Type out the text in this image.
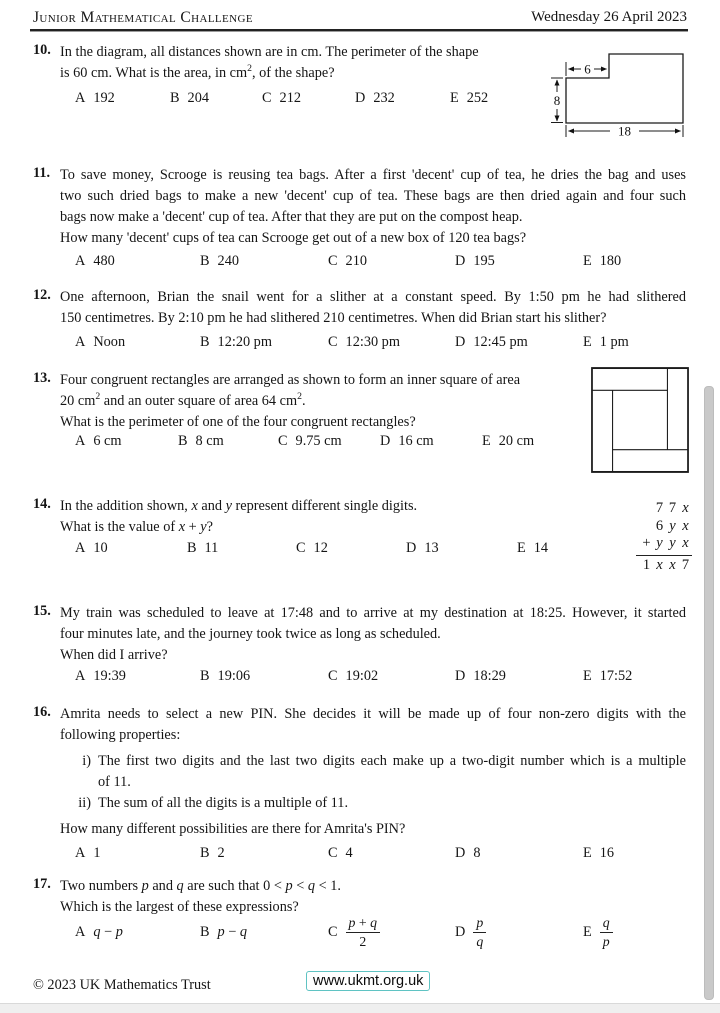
Junior Mathematical Challenge	Wednesday 26 April 2023
10. In the diagram, all distances shown are in cm. The perimeter of the shape
is 60 cm. What is the area, in $cm^2$, of the shape?
A 192	B 204	C 212	D 232	E 252
6
8
18
11. To save money, Scrooge is reusing tea bags. After a first 'decent' cup of tea, he dries the bag and uses
two such dried bags to make a new 'decent' cup of tea. These bags are then dried again and four such
bags now make a 'decent' cup of tea. After that they are put on the compost heap.
How many 'decent' cups of tea can Scrooge get out of a new box of 120 tea bags?
A 480	B 240	C 210	D 195	E 180
12. One afternoon, Brian the snail went for a slither at a constant speed. By 1:50 pm he had slithered
150 centimetres. By 2:10 pm he had slithered 210 centimetres. When did Brian start his slither?
A Noon	B 12:20 pm	C 12:30 pm	D 12:45 pm	E 1 pm
13. Four congruent rectangles are arranged as shown to form an inner square of area
20 $cm^2$ and an outer square of area 64 $cm^2$.
What is the perimeter of one of the four congruent rectangles?
A 6 cm	B 8 cm	C 9.75 cm	D 16 cm	E 20 cm
14. In the addition shown, x and y represent different single digits.
What is the value of x + y?
A 10	B 11	C 12	D 13	E 14
7 7 x
6 y x
+ y y x
1 x x 7
15. My train was scheduled to leave at 17:48 and to arrive at my destination at 18:25. However, it started
four minutes late, and the journey took twice as long as scheduled.
When did I arrive?
A 19:39	B 19:06	C 19:02	D 18:29	E 17:52
16. Amrita needs to select a new PIN. She decides it will be made up of four non-zero digits with the
following properties:
i) The first two digits and the last two digits each make up a two-digit number which is a multiple
of 11.
ii) The sum of all the digits is a multiple of 11.
How many different possibilities are there for Amrita's PIN?
A 1	B 2	C 4	D 8	E 16
17. Two numbers p and q are such that 0 < p < q < 1.
Which is the largest of these expressions?
A q − p	B p − q	C $\frac{p + q}{2}$	D $\frac{p}{q}$	E $\frac{q}{p}$
© 2023 UK Mathematics Trust	www.ukmt.org.uk
